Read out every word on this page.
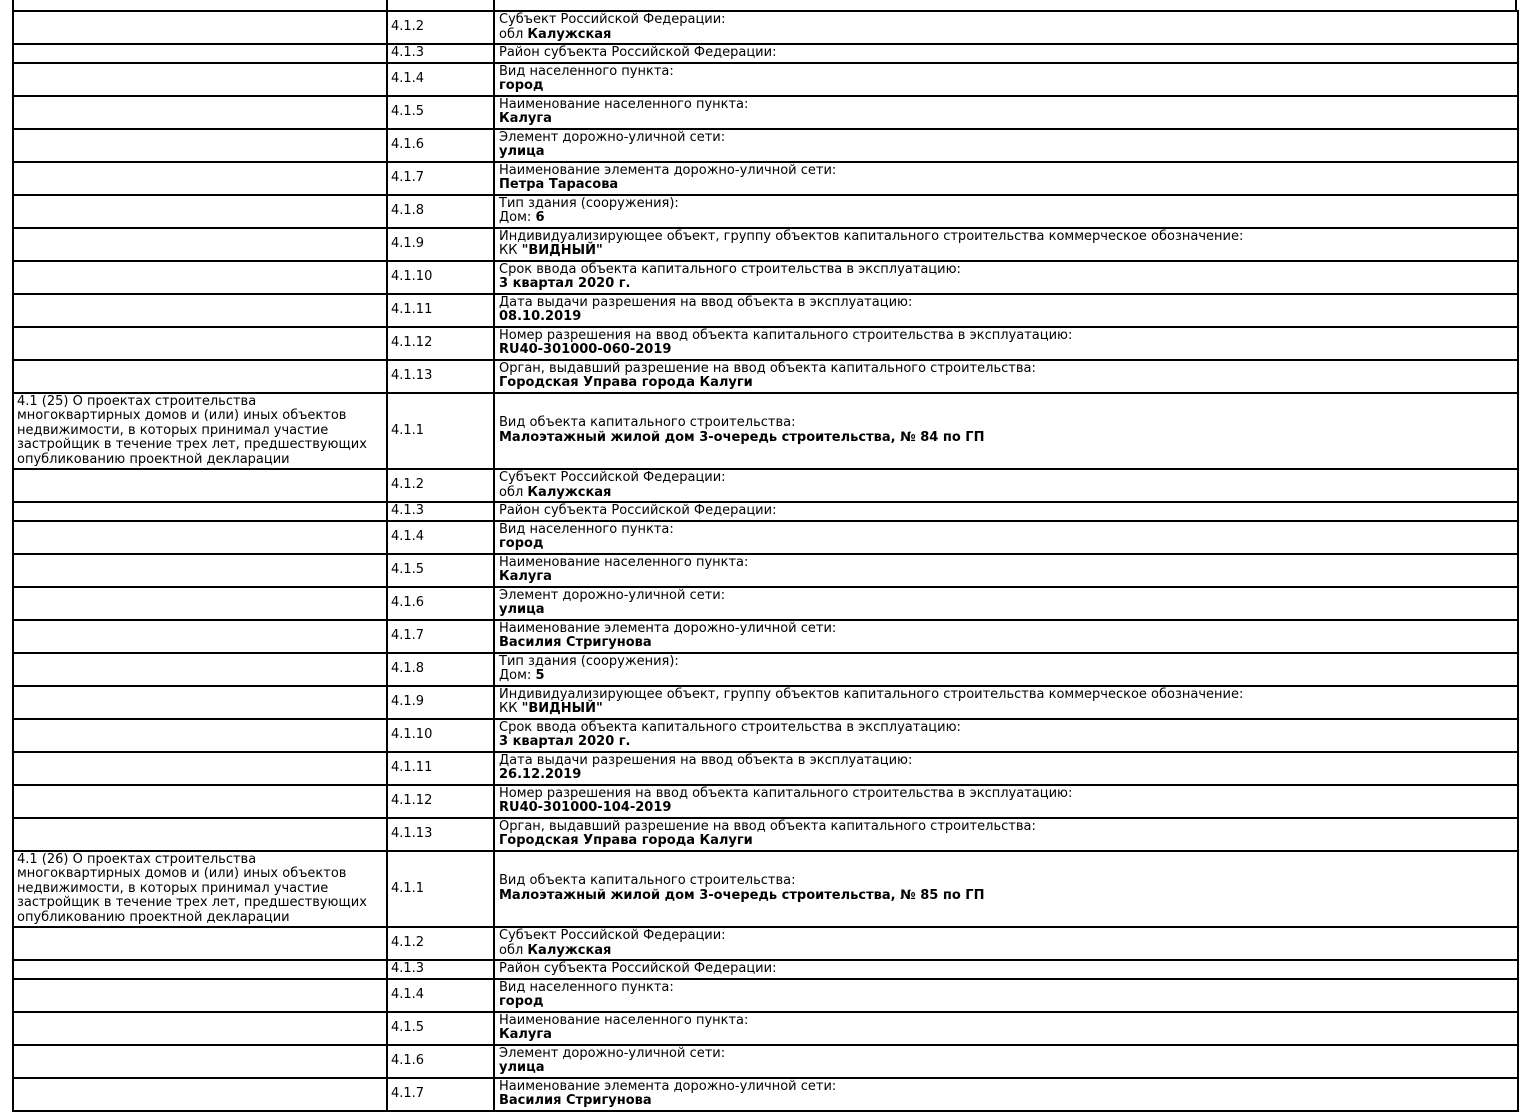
	4.1.2	Субъект Российской Федерации:
обл Калужская

	4.1.3	Район субъекта Российской Федерации:

	4.1.4	Вид населенного пункта:
город

	4.1.5	Наименование населенного пункта:
Калуга

	4.1.6	Элемент дорожно-уличной сети:
улица

	4.1.7	Наименование элемента дорожно-уличной сети:
Петра Тарасова

	4.1.8	Тип здания (сооружения):
Дом: 6

	4.1.9	Индивидуализирующее объект, группу объектов капитального строительства коммерческое обозначение:
КК "ВИДНЫЙ"

	4.1.10	Срок ввода объекта капитального строительства в эксплуатацию:
3 квартал 2020 г.

	4.1.11	Дата выдачи разрешения на ввод объекта в эксплуатацию:
08.10.2019

	4.1.12	Номер разрешения на ввод объекта капитального строительства в эксплуатацию:
RU40-301000-060-2019

	4.1.13	Орган, выдавший разрешение на ввод объекта капитального строительства:
Городская Управа города Калуги

4.1 (25) О проектах строительства многоквартирных домов и (или) иных объектов недвижимости, в которых принимал участие застройщик в течение трех лет, предшествующих опубликованию проектной декларации	4.1.1	Вид объекта капитального строительства:
Малоэтажный жилой дом 3-очередь строительства, № 84 по ГП

	4.1.2	Субъект Российской Федерации:
обл Калужская

	4.1.3	Район субъекта Российской Федерации:

	4.1.4	Вид населенного пункта:
город

	4.1.5	Наименование населенного пункта:
Калуга

	4.1.6	Элемент дорожно-уличной сети:
улица

	4.1.7	Наименование элемента дорожно-уличной сети:
Василия Стригунова

	4.1.8	Тип здания (сооружения):
Дом: 5

	4.1.9	Индивидуализирующее объект, группу объектов капитального строительства коммерческое обозначение:
КК "ВИДНЫЙ"

	4.1.10	Срок ввода объекта капитального строительства в эксплуатацию:
3 квартал 2020 г.

	4.1.11	Дата выдачи разрешения на ввод объекта в эксплуатацию:
26.12.2019

	4.1.12	Номер разрешения на ввод объекта капитального строительства в эксплуатацию:
RU40-301000-104-2019

	4.1.13	Орган, выдавший разрешение на ввод объекта капитального строительства:
Городская Управа города Калуги

4.1 (26) О проектах строительства многоквартирных домов и (или) иных объектов недвижимости, в которых принимал участие застройщик в течение трех лет, предшествующих опубликованию проектной декларации	4.1.1	Вид объекта капитального строительства:
Малоэтажный жилой дом 3-очередь строительства, № 85 по ГП

	4.1.2	Субъект Российской Федерации:
обл Калужская

	4.1.3	Район субъекта Российской Федерации:

	4.1.4	Вид населенного пункта:
город

	4.1.5	Наименование населенного пункта:
Калуга

	4.1.6	Элемент дорожно-уличной сети:
улица

	4.1.7	Наименование элемента дорожно-уличной сети:
Василия Стригунова
